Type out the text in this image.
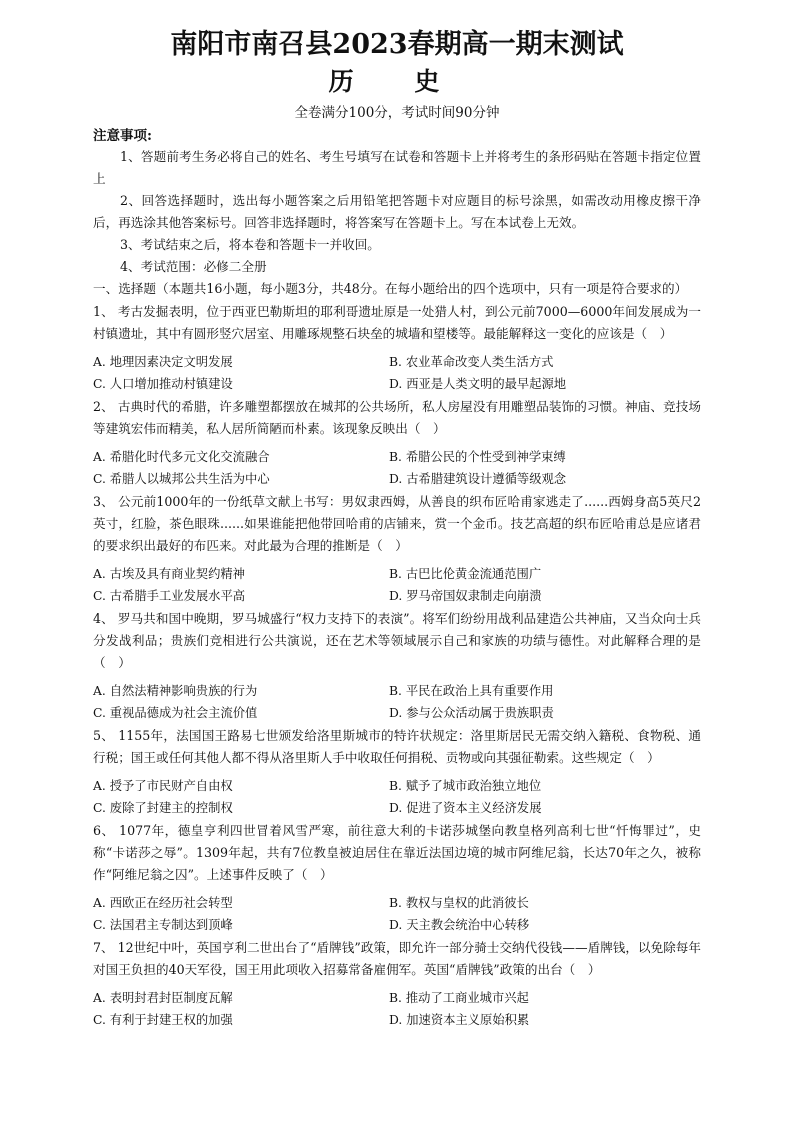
南阳市南召县2023春期高一期末测试
历 史
全卷满分100分，考试时间90分钟
注意事项:
1、答题前考生务必将自己的姓名、考生号填写在试卷和答题卡上并将考生的条形码贴在答题卡指定位置上
2、回答选择题时，选出每小题答案之后用铅笔把答题卡对应题目的标号涂黑，如需改动用橡皮擦干净后，再选涂其他答案标号。回答非选择题时，将答案写在答题卡上。写在本试卷上无效。
3、考试结束之后，将本卷和答题卡一并收回。
4、考试范围：必修二全册
一、选择题（本题共16小题，每小题3分，共48分。在每小题给出的四个选项中，只有一项是符合要求的）
1、 考古发掘表明，位于西亚巴勒斯坦的耶利哥遗址原是一处猎人村，到公元前7000—6000年间发展成为一村镇遗址，其中有圆形竖穴居室、用雕琢规整石块垒的城墙和望楼等。最能解释这一变化的应该是（　）
A. 地理因素决定文明发展	B. 农业革命改变人类生活方式
C. 人口增加推动村镇建设	D. 西亚是人类文明的最早起源地
2、 古典时代的希腊，许多雕塑都摆放在城邦的公共场所，私人房屋没有用雕塑品装饰的习惯。神庙、竞技场等建筑宏伟而精美，私人居所简陋而朴素。该现象反映出（　）
A. 希腊化时代多元文化交流融合	B. 希腊公民的个性受到神学束缚
C. 希腊人以城邦公共生活为中心	D. 古希腊建筑设计遵循等级观念
3、 公元前1000年的一份纸草文献上书写：男奴隶西姆，从善良的织布匠哈甫家逃走了......西姆身高5英尺2英寸，红脸，茶色眼珠......如果谁能把他带回哈甫的店铺来，赏一个金币。技艺高超的织布匠哈甫总是应诸君的要求织出最好的布匹来。对此最为合理的推断是（　）
A. 古埃及具有商业契约精神	B. 古巴比伦黄金流通范围广
C. 古希腊手工业发展水平高	D. 罗马帝国奴隶制走向崩溃
4、 罗马共和国中晚期，罗马城盛行“权力支持下的表演”。将军们纷纷用战利品建造公共神庙，又当众向士兵分发战利品；贵族们竞相进行公共演说，还在艺术等领域展示自己和家族的功绩与德性。对此解释合理的是（　）
A. 自然法精神影响贵族的行为	B. 平民在政治上具有重要作用
C. 重视品德成为社会主流价值	D. 参与公众活动属于贵族职责
5、 1155年，法国国王路易七世颁发给洛里斯城市的特许状规定：洛里斯居民无需交纳入籍税、食物税、通行税；国王或任何其他人都不得从洛里斯人手中收取任何捐税、贡物或向其强征勒索。这些规定（　）
A. 授予了市民财产自由权	B. 赋予了城市政治独立地位
C. 废除了封建主的控制权	D. 促进了资本主义经济发展
6、 1077年，德皇亨利四世冒着风雪严寒，前往意大利的卡诺莎城堡向教皇格列高利七世“忏悔罪过”，史称“卡诺莎之辱”。1309年起，共有7位教皇被迫居住在靠近法国边境的城市阿维尼翁，长达70年之久，被称作“阿维尼翁之囚”。上述事件反映了（　）
A. 西欧正在经历社会转型	B. 教权与皇权的此消彼长
C. 法国君主专制达到顶峰	D. 天主教会统治中心转移
7、 12世纪中叶，英国亨利二世出台了“盾牌钱”政策，即允许一部分骑士交纳代役钱——盾牌钱，以免除每年对国王负担的40天军役，国王用此项收入招募常备雇佣军。英国“盾牌钱”政策的出台（　）
A. 表明封君封臣制度瓦解	B. 推动了工商业城市兴起
C. 有利于封建王权的加强	D. 加速资本主义原始积累
